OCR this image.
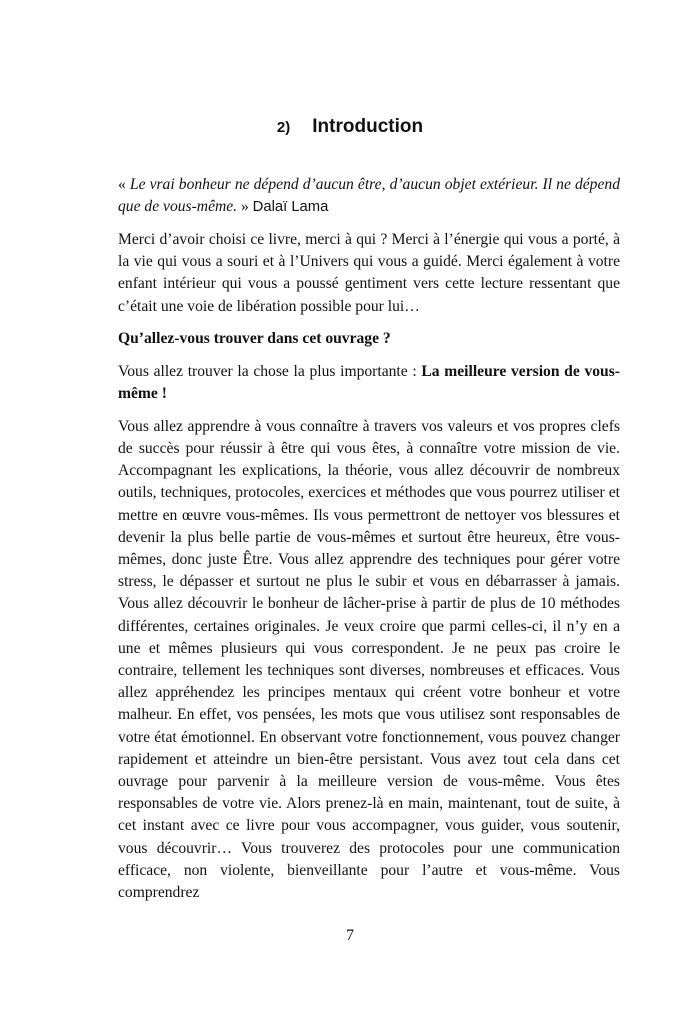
2) Introduction

« Le vrai bonheur ne dépend d’aucun être, d’aucun objet extérieur. Il ne dépend que de vous-même. » Dalaï Lama

Merci d’avoir choisi ce livre, merci à qui ? Merci à l’énergie qui vous a porté, à la vie qui vous a souri et à l’Univers qui vous a guidé. Merci également à votre enfant intérieur qui vous a poussé gentiment vers cette lecture ressentant que c’était une voie de libération possible pour lui…

Qu’allez-vous trouver dans cet ouvrage ?

Vous allez trouver la chose la plus importante : La meilleure version de vous-même !

Vous allez apprendre à vous connaître à travers vos valeurs et vos propres clefs de succès pour réussir à être qui vous êtes, à connaître votre mission de vie. Accompagnant les explications, la théorie, vous allez découvrir de nombreux outils, techniques, protocoles, exercices et méthodes que vous pourrez utiliser et mettre en œuvre vous-mêmes. Ils vous permettront de nettoyer vos blessures et devenir la plus belle partie de vous-mêmes et surtout être heureux, être vous-mêmes, donc juste Être. Vous allez apprendre des techniques pour gérer votre stress, le dépasser et surtout ne plus le subir et vous en débarrasser à jamais. Vous allez découvrir le bonheur de lâcher-prise à partir de plus de 10 méthodes différentes, certaines originales. Je veux croire que parmi celles-ci, il n’y en a une et mêmes plusieurs qui vous correspondent. Je ne peux pas croire le contraire, tellement les techniques sont diverses, nombreuses et efficaces. Vous allez appréhendez les principes mentaux qui créent votre bonheur et votre malheur. En effet, vos pensées, les mots que vous utilisez sont responsables de votre état émotionnel. En observant votre fonctionnement, vous pouvez changer rapidement et atteindre un bien-être persistant. Vous avez tout cela dans cet ouvrage pour parvenir à la meilleure version de vous-même. Vous êtes responsables de votre vie. Alors prenez-là en main, maintenant, tout de suite, à cet instant avec ce livre pour vous accompagner, vous guider, vous soutenir, vous découvrir… Vous trouverez des protocoles pour une communication efficace, non violente, bienveillante pour l’autre et vous-même. Vous comprendrez

7
